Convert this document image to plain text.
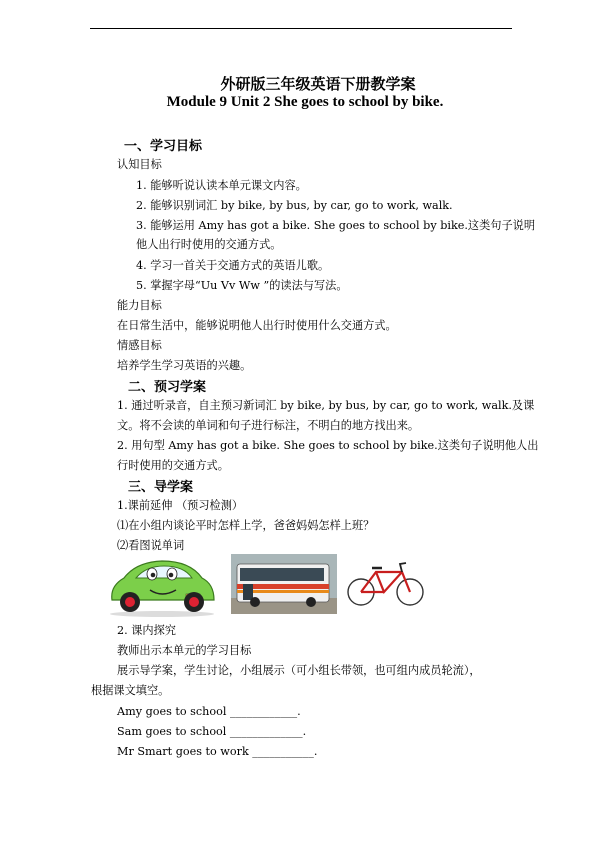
外研版三年级英语下册教学案
Module 9 Unit 2 She goes to school by bike.
一、学习目标
认知目标
1. 能够听说认读本单元课文内容。
2. 能够识别词汇 by bike, by bus, by car, go to work, walk.
3. 能够运用 Amy has got a bike. She goes to school by bike.这类句子说明
他人出行时使用的交通方式。
4. 学习一首关于交通方式的英语儿歌。
5. 掌握字母“Uu Vv Ww ”的读法与写法。
能力目标
在日常生活中，能够说明他人出行时使用什么交通方式。
情感目标
培养学生学习英语的兴趣。
二、预习学案
1. 通过听录音，自主预习新词汇 by bike, by bus, by car, go to work, walk.及课
文。将不会读的单词和句子进行标注，不明白的地方找出来。
2. 用句型 Amy has got a bike. She goes to school by bike.这类句子说明他人出
行时使用的交通方式。
三、导学案
1.课前延伸 （预习检测）
⑴在小组内谈论平时怎样上学，爸爸妈妈怎样上班？
⑵看图说单词
2. 课内探究
教师出示本单元的学习目标
展示导学案，学生讨论，小组展示（可小组长带领，也可组内成员轮流），
根据课文填空。
Amy goes to school ____________.
Sam goes to school _____________.
Mr Smart goes to work ___________.
